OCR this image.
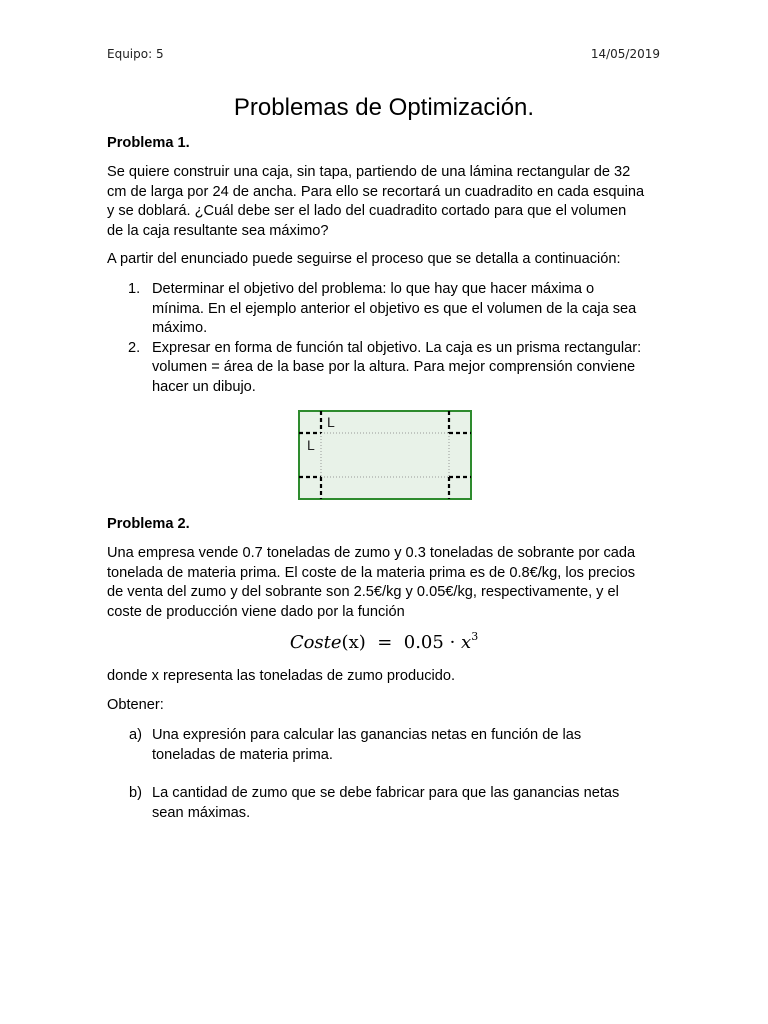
Equipo: 5	14/05/2019
Problemas de Optimización.
Problema 1.

Se quiere construir una caja, sin tapa, partiendo de una lámina rectangular de 32

cm de larga por 24 de ancha. Para ello se recortará un cuadradito en cada esquina

y se doblará. ¿Cuál debe ser el lado del cuadradito cortado para que el volumen

de la caja resultante sea máximo?

A partir del enunciado puede seguirse el proceso que se detalla a continuación:
1. Determinar el objetivo del problema: lo que hay que hacer máxima o

mínima. En el ejemplo anterior el objetivo es que el volumen de la caja sea

máximo.

2. Expresar en forma de función tal objetivo. La caja es un prisma rectangular:

volumen = área de la base por la altura. Para mejor comprensión conviene

hacer un dibujo.

L
L
Problema 2.

Una empresa vende 0.7 toneladas de zumo y 0.3 toneladas de sobrante por cada

tonelada de materia prima. El coste de la materia prima es de 0.8€/kg, los precios

de venta del zumo y del sobrante son 2.5€/kg y 0.05€/kg, respectivamente, y el

coste de producción viene dado por la función

Coste(x) = $0.05 \cdot x^3$
donde x representa las toneladas de zumo producido.
Obtener:
a) Una expresión para calcular las ganancias netas en función de las

toneladas de materia prima.

b) La cantidad de zumo que se debe fabricar para que las ganancias netas

sean máximas.
